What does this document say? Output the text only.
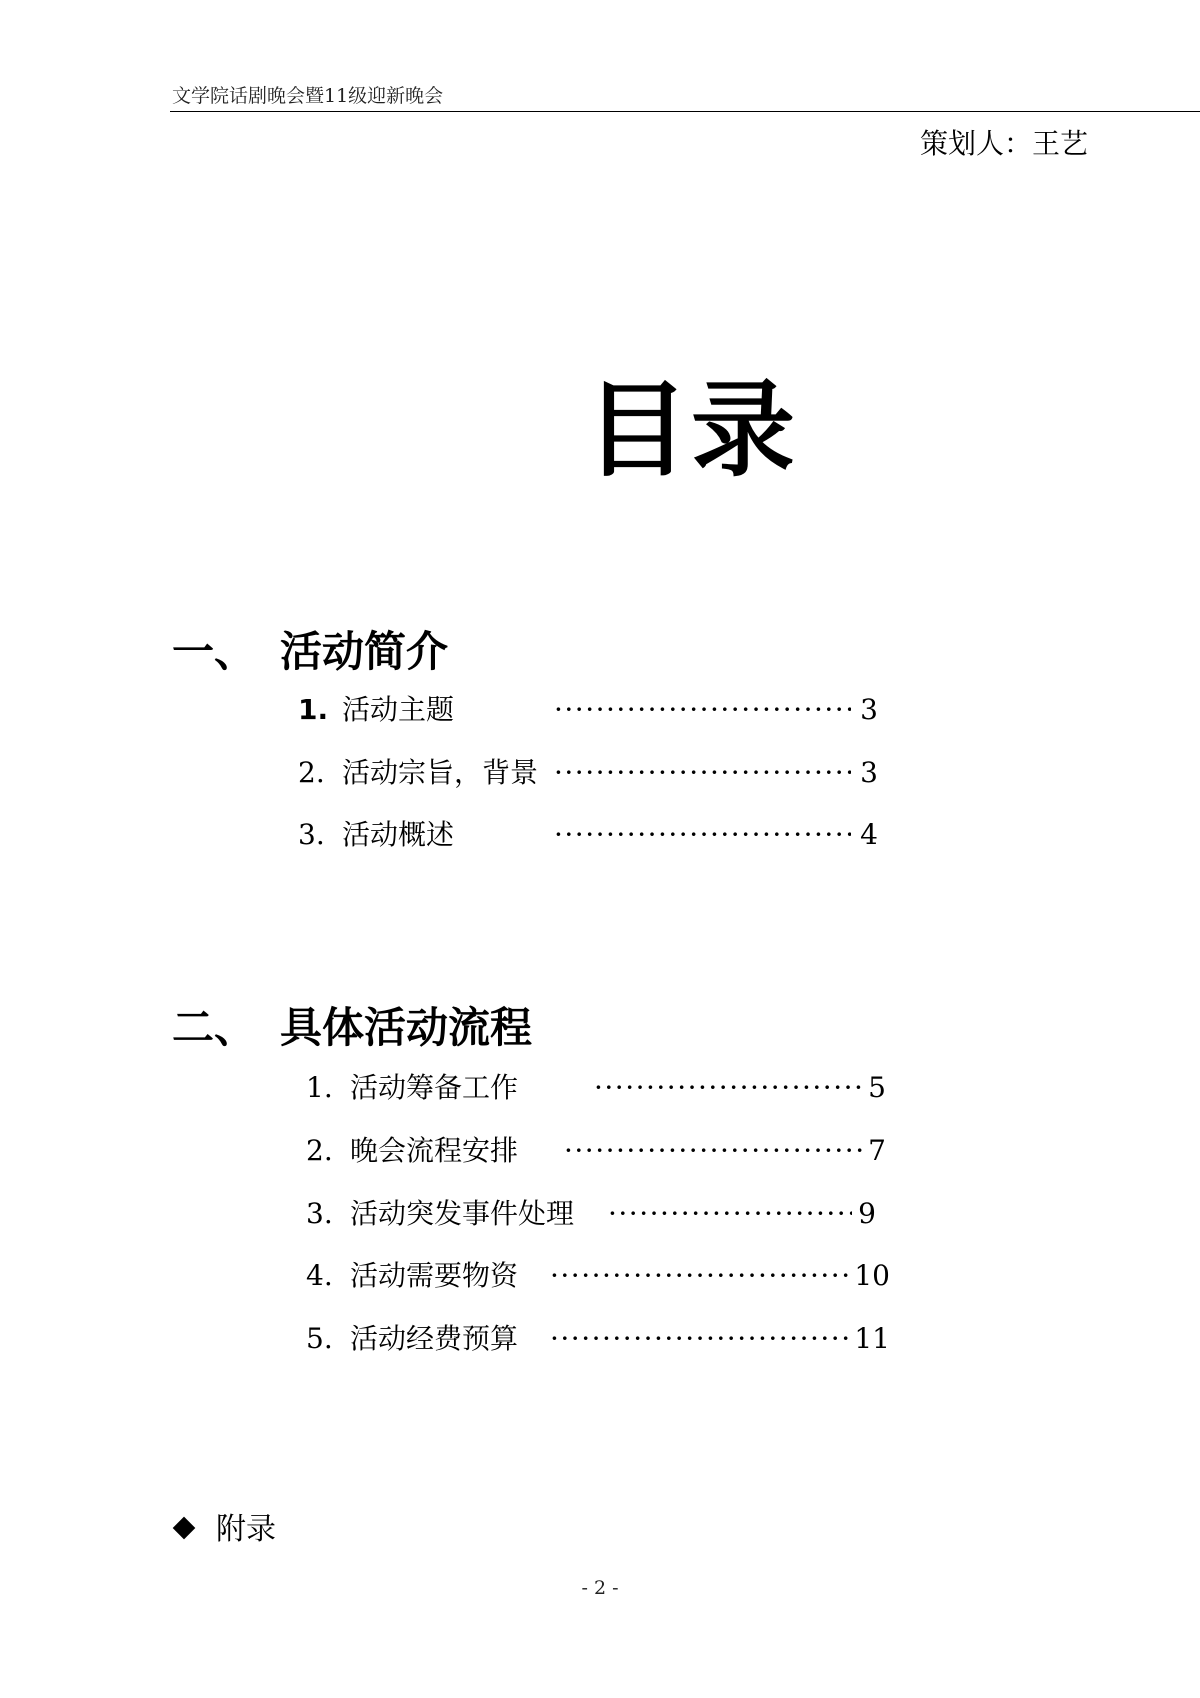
文学院话剧晚会暨11级迎新晚会
策划人：王艺
目录
一、 活动简介
1. 活动主题 ·····	3
2. 活动宗旨，背景 ·····	3
3. 活动概述 ·····	4
二、 具体活动流程
1. 活动筹备工作 ·····	5
2. 晚会流程安排 ·····	7
3. 活动突发事件处理 ·····	9
4. 活动需要物资 ·····	10
5. 活动经费预算 ·····	11
附录
- 2 -
